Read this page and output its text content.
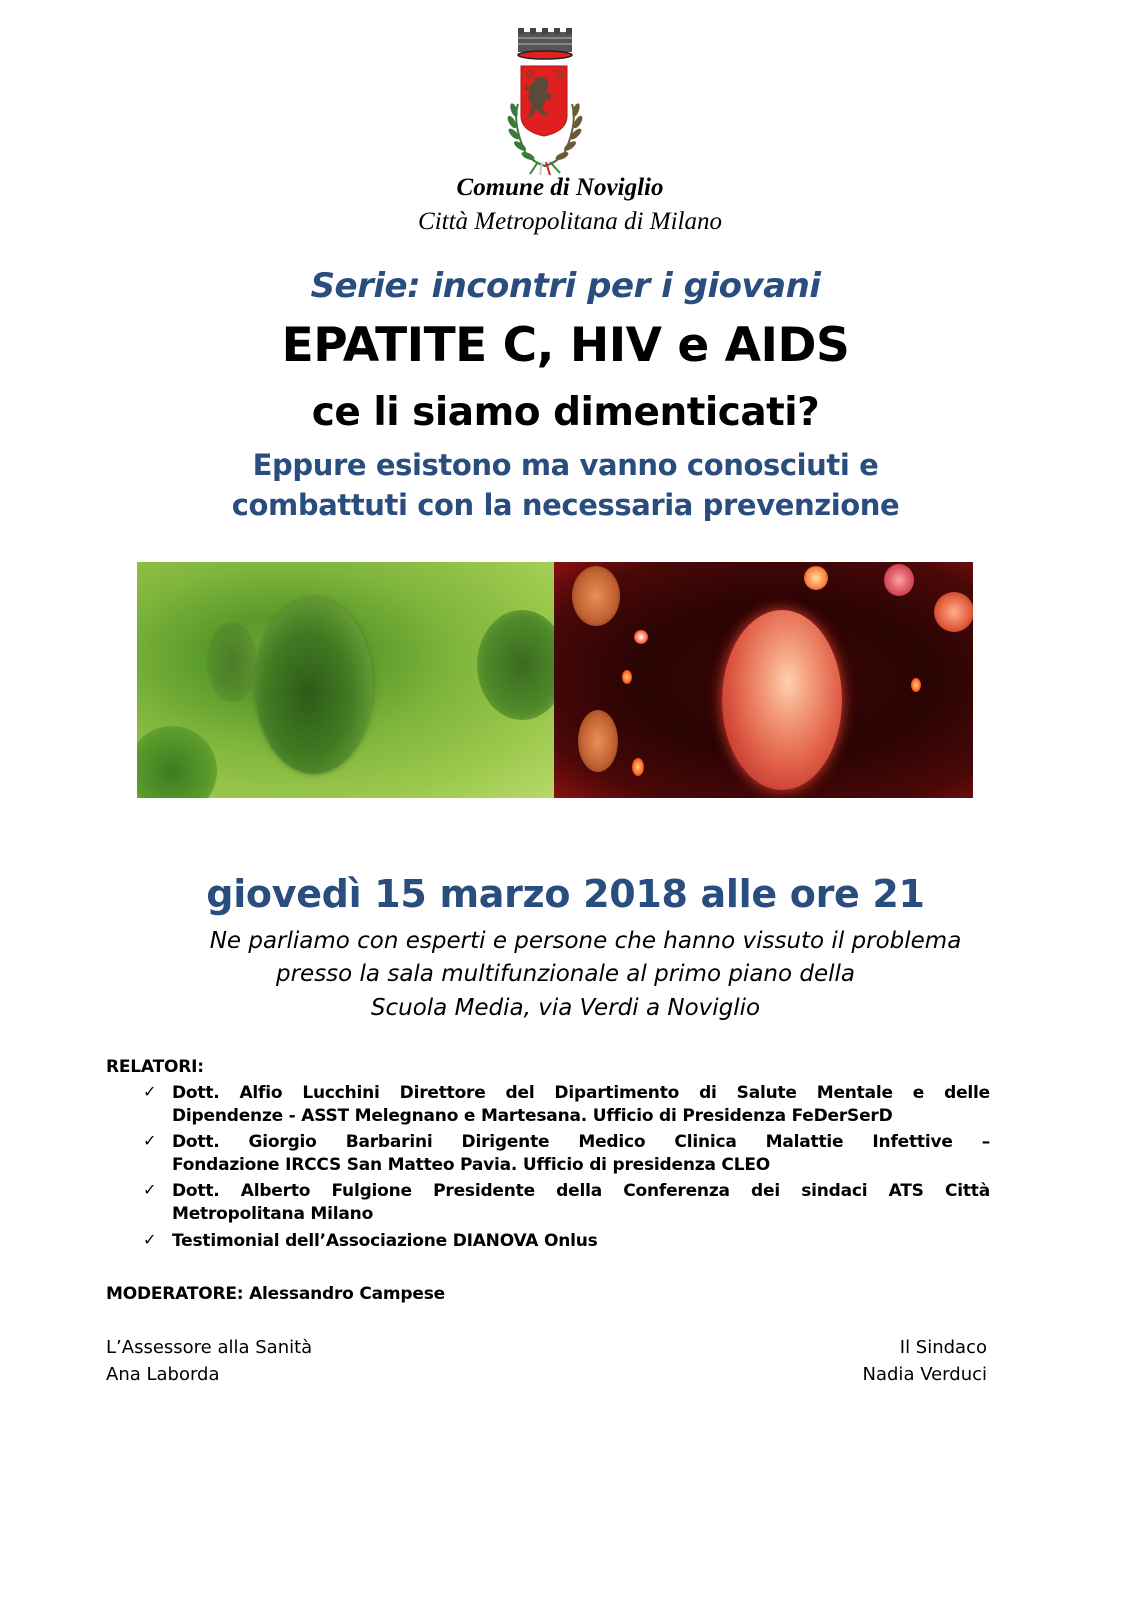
Comune di Noviglio
Città Metropolitana di Milano
Serie: incontri per i giovani
EPATITE C, HIV e AIDS
ce li siamo dimenticati?
Eppure esistono ma vanno conosciuti e
combattuti con la necessaria prevenzione
giovedì 15 marzo 2018 alle ore 21
Ne parliamo con esperti e persone che hanno vissuto il problema
presso la sala multifunzionale al primo piano della
Scuola Media, via Verdi a Noviglio
RELATORI:
✓ Dott. Alfio Lucchini Direttore del Dipartimento di Salute Mentale e delle
Dipendenze - ASST Melegnano e Martesana. Ufficio di Presidenza FeDerSerD
✓ Dott. Giorgio Barbarini Dirigente Medico Clinica Malattie Infettive –
Fondazione IRCCS San Matteo Pavia. Ufficio di presidenza CLEO
✓ Dott. Alberto Fulgione Presidente della Conferenza dei sindaci ATS Città
Metropolitana Milano
✓ Testimonial dell’Associazione DIANOVA Onlus
MODERATORE: Alessandro Campese
L’Assessore alla Sanità
Ana Laborda
Il Sindaco
Nadia Verduci
